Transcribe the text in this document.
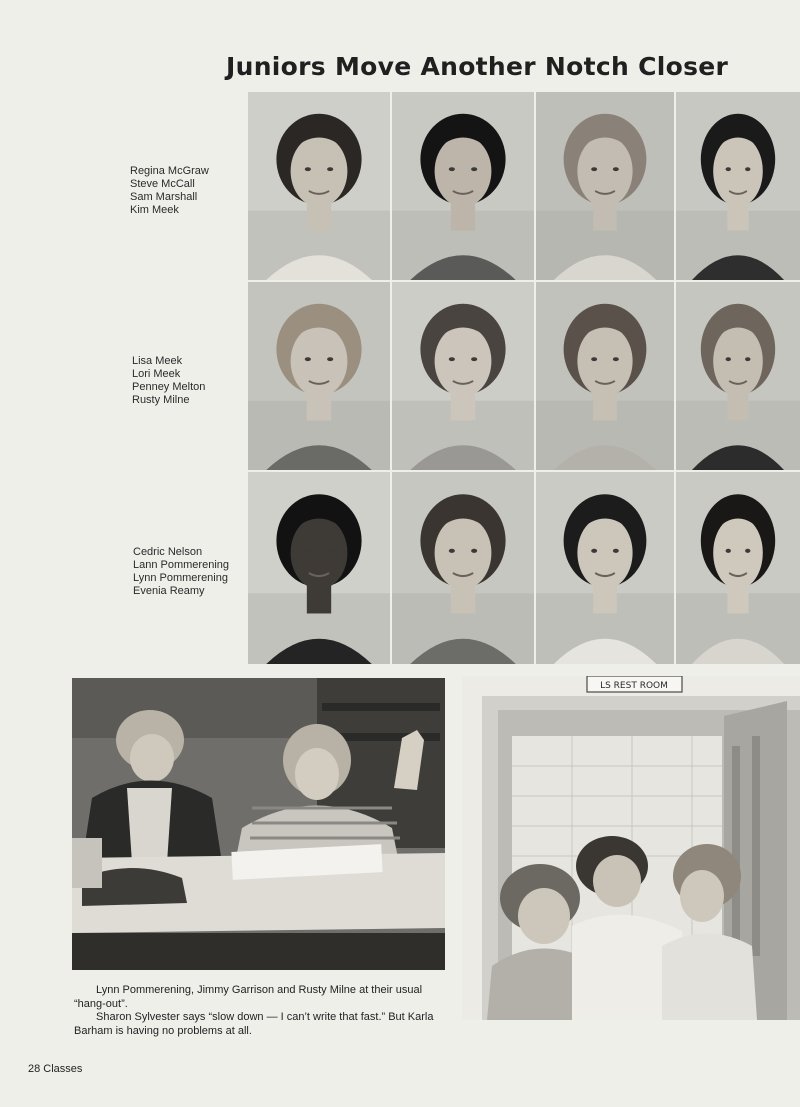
Juniors Move Another Notch Closer
Regina McGraw
Steve McCall
Sam Marshall
Kim Meek
Lisa Meek
Lori Meek
Penney Melton
Rusty Milne
Cedric Nelson
Lann Pommerening
Lynn Pommerening
Evenia Reamy
LS REST ROOM

Lynn Pommerening, Jimmy Garrison and Rusty Milne at their usual “hang-out”.

Sharon Sylvester says “slow down — I can’t write that fast.” But Karla Barham is having no problems at all.

28 Classes
